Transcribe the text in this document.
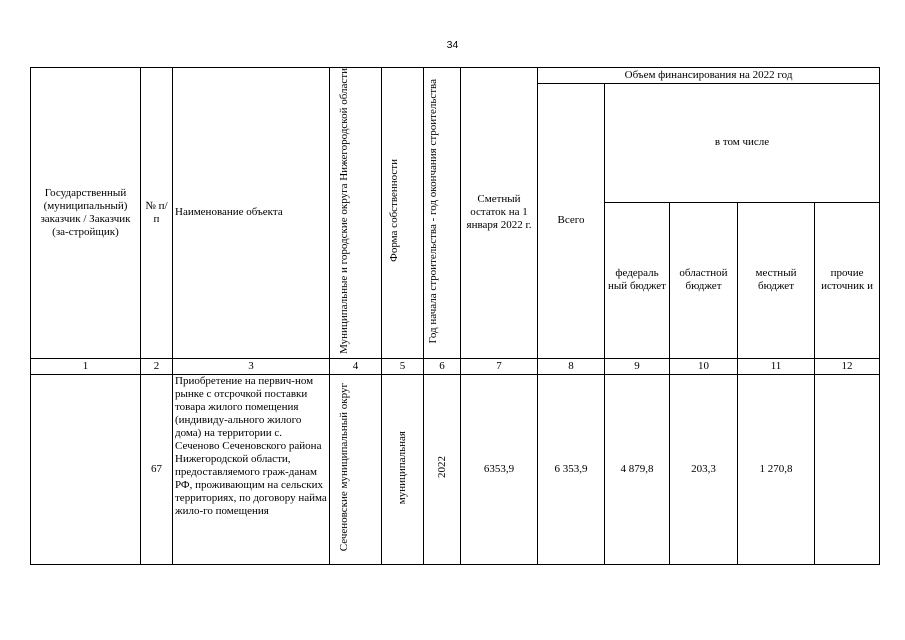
34
Государственный (муниципальный) заказчик / Заказчик (за-стройщик)	№ п/п	Наименование объекта	Муниципальные и городские округа Нижегородской области	Форма собственности	Год начала строительства - год окончания строительства	Сметный остаток на 1 января 2022 г.	Объем финансирования на 2022 год				
							Всего	в том числе			
								федераль ный бюджет	областной бюджет	местный бюджет	прочие источник и
1	2	3	4	5	6	7	8	9	10	11	12
	67	Приобретение на первич-ном рынке с отсрочкой поставки товара жилого помещения (индивиду-ального жилого дома) на территории с. Сеченово Сеченовского района Нижегородской области, предоставляемого граж-данам РФ, проживающим на сельских территориях, по договору найма жило-го помещения	Сеченовские муниципальный округ	муниципальная	2022	6353,9	6 353,9	4 879,8	203,3	1 270,8	
